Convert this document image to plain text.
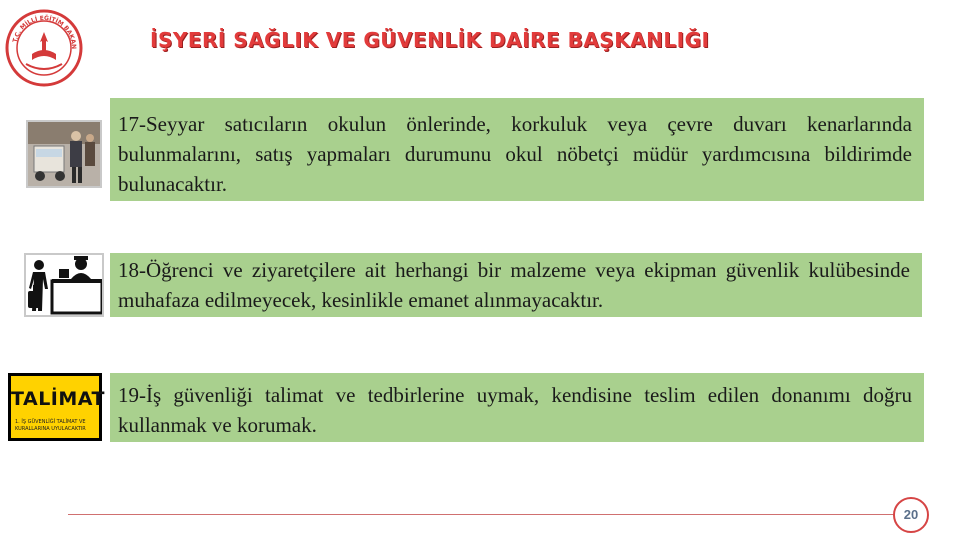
T.C. MİLLİ EĞİTİM BAKAN	İŞYERİ SAĞLIK VE GÜVENLİK DAİRE BAŞKANLIĞI
17-Seyyar satıcıların okulun önlerinde, korkuluk veya çevre duvarı kenarlarında bulunmalarını, satış yapmaları durumunu okul nöbetçi müdür yardımcısına bildirimde bulunacaktır.
18-Öğrenci ve ziyaretçilere ait herhangi bir malzeme veya ekipman güvenlik kulübesinde muhafaza edilmeyecek, kesinlikle emanet alınmayacaktır.
TALİMAT
1. İŞ GÜVENLİĞİ TALİMAT VE KURALLARINA UYULACAKTIR
19-İş güvenliği talimat ve tedbirlerine uymak, kendisine teslim edilen donanımı doğru kullanmak ve korumak.
20
